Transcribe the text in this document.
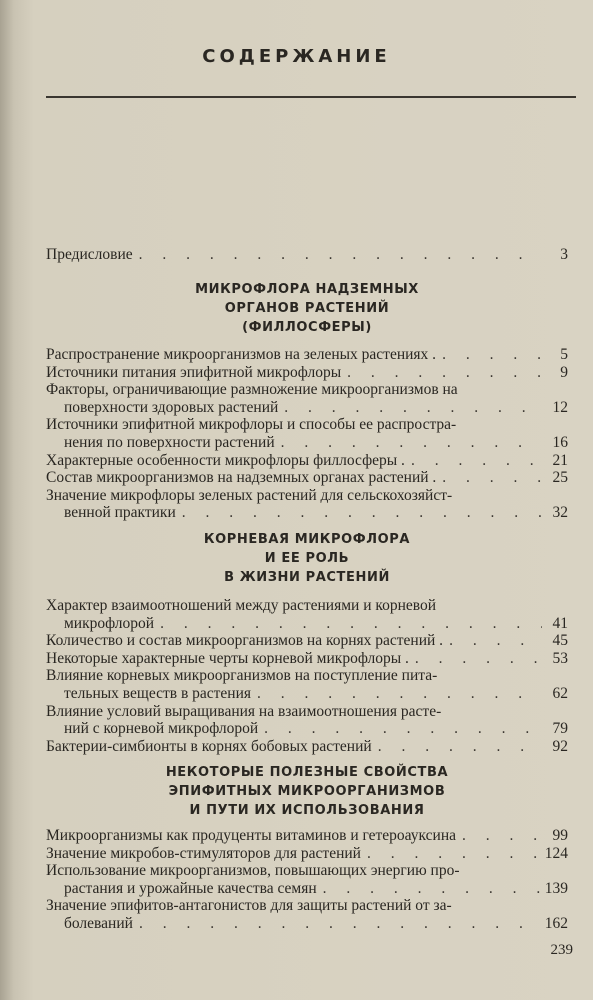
СОДЕРЖАНИЕ
Предисловие . . .	3
МИКРОФЛОРА НАДЗЕМНЫХ
ОРГАНОВ РАСТЕНИЙ
(ФИЛЛОСФЕРЫ)
Распространение микроорганизмов на зеленых растениях . . . .	5
Источники питания эпифитной микрофлоры . . .	9
Факторы, ограничивающие размножение микроорганизмов на
поверхности здоровых растений . . .	12
Источники эпифитной микрофлоры и способы ее распростра-
нения по поверхности растений . . .	16
Характерные особенности микрофлоры филлосферы . . . .	21
Состав микроорганизмов на надземных органах растений . . . .	25
Значение микрофлоры зеленых растений для сельскохозяйст-
венной практики . . .	32
КОРНЕВАЯ МИКРОФЛОРА
И ЕЕ РОЛЬ
В ЖИЗНИ РАСТЕНИЙ
Характер взаимоотношений между растениями и корневой
микрофлорой . . .	41
Количество и состав микроорганизмов на корнях растений . . . .	45
Некоторые характерные черты корневой микрофлоры . . . .	53
Влияние корневых микроорганизмов на поступление пита-
тельных веществ в растения . . .	62
Влияние условий выращивания на взаимоотношения расте-
ний с корневой микрофлорой . . .	79
Бактерии-симбионты в корнях бобовых растений . . .	92
НЕКОТОРЫЕ ПОЛЕЗНЫЕ СВОЙСТВА
ЭПИФИТНЫХ МИКРООРГАНИЗМОВ
И ПУТИ ИХ ИСПОЛЬЗОВАНИЯ
Микроорганизмы как продуценты витаминов и гетероауксина . . .	99
Значение микробов-стимуляторов для растений . . .	124
Использование микроорганизмов, повышающих энергию про-
растания и урожайные качества семян . . .	139
Значение эпифитов-антагонистов для защиты растений от за-
болеваний . . .	162
239
